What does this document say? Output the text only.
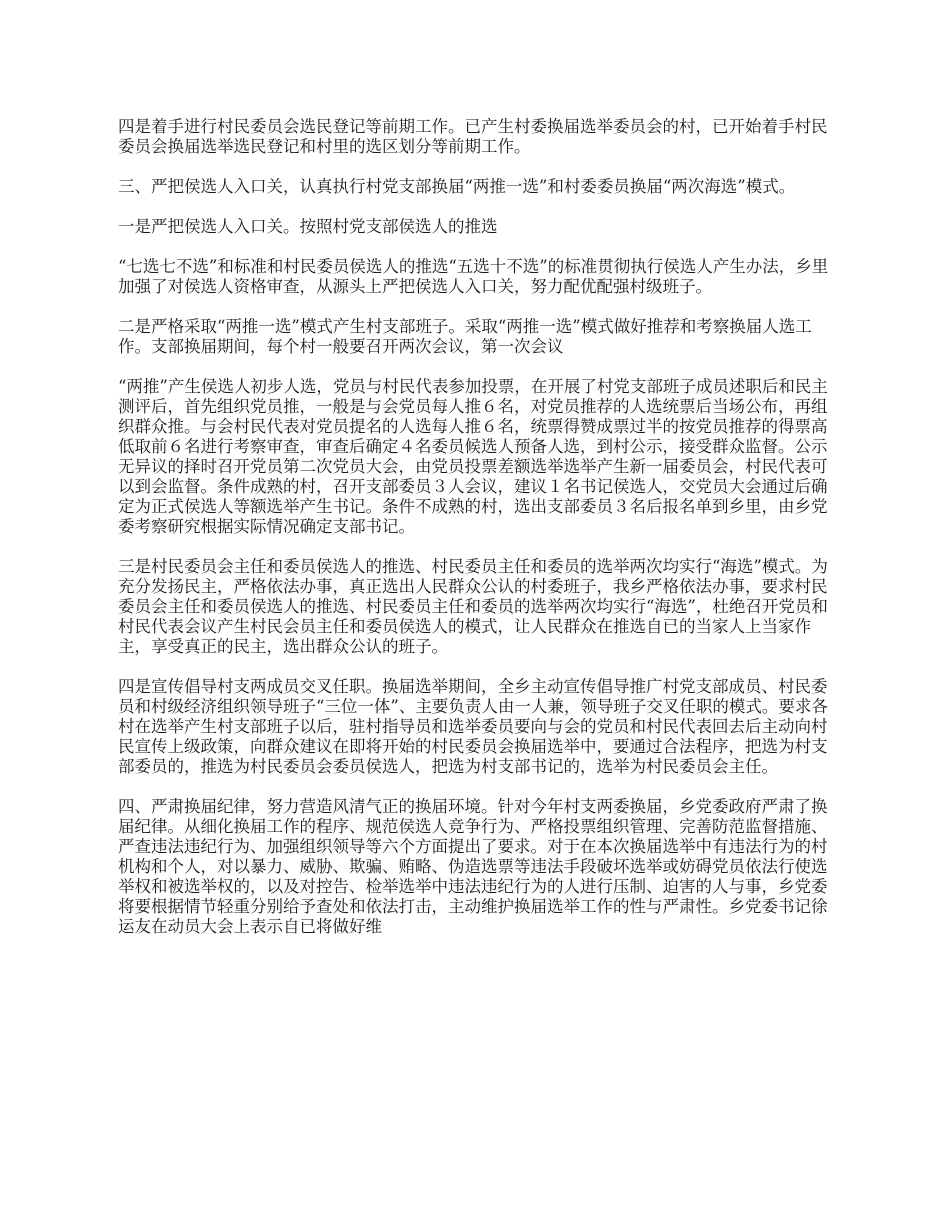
四是着手进行村民委员会选民登记等前期工作。已产生村委换届选举委员会的村，已开始着手村民委员会换届选举选民登记和村里的选区划分等前期工作。

三、严把侯选人入口关，认真执行村党支部换届“两推一选”和村委委员换届“两次海选”模式。

一是严把侯选人入口关。按照村党支部侯选人的推选

“七选七不选”和标准和村民委员侯选人的推选“五选十不选”的标准贯彻执行侯选人产生办法，乡里加强了对侯选人资格审查，从源头上严把侯选人入口关，努力配优配强村级班子。

二是严格采取“两推一选”模式产生村支部班子。采取“两推一选”模式做好推荐和考察换届人选工作。支部换届期间，每个村一般要召开两次会议，第一次会议

“两推”产生侯选人初步人选，党员与村民代表参加投票，在开展了村党支部班子成员述职后和民主测评后，首先组织党员推，一般是与会党员每人推６名，对党员推荐的人选统票后当场公布，再组织群众推。与会村民代表对党员提名的人选每人推６名，统票得赞成票过半的按党员推荐的得票高低取前６名进行考察审查，审查后确定４名委员候选人预备人选，到村公示，接受群众监督。公示无异议的择时召开党员第二次党员大会，由党员投票差额选举选举产生新一届委员会，村民代表可以到会监督。条件成熟的村，召开支部委员３人会议，建议１名书记侯选人，交党员大会通过后确定为正式侯选人等额选举产生书记。条件不成熟的村，选出支部委员３名后报名单到乡里，由乡党委考察研究根据实际情况确定支部书记。

三是村民委员会主任和委员侯选人的推选、村民委员主任和委员的选举两次均实行“海选”模式。为充分发扬民主，严格依法办事，真正选出人民群众公认的村委班子，我乡严格依法办事，要求村民委员会主任和委员侯选人的推选、村民委员主任和委员的选举两次均实行“海选”，杜绝召开党员和村民代表会议产生村民会员主任和委员侯选人的模式，让人民群众在推选自已的当家人上当家作主，享受真正的民主，选出群众公认的班子。

四是宣传倡导村支两成员交叉任职。换届选举期间，全乡主动宣传倡导推广村党支部成员、村民委员和村级经济组织领导班子“三位一体”、主要负责人由一人兼，领导班子交叉任职的模式。要求各村在选举产生村支部班子以后，驻村指导员和选举委员要向与会的党员和村民代表回去后主动向村民宣传上级政策，向群众建议在即将开始的村民委员会换届选举中，要通过合法程序，把选为村支部委员的，推选为村民委员会委员侯选人，把选为村支部书记的，选举为村民委员会主任。

四、严肃换届纪律，努力营造风清气正的换届环境。针对今年村支两委换届，乡党委政府严肃了换届纪律。从细化换届工作的程序、规范侯选人竞争行为、严格投票组织管理、完善防范监督措施、严查违法违纪行为、加强组织领导等六个方面提出了要求。对于在本次换届选举中有违法行为的村机构和个人，对以暴力、威胁、欺骗、贿略、伪造选票等违法手段破坏选举或妨碍党员依法行使选举权和被选举权的，以及对控告、检举选举中违法违纪行为的人进行压制、迫害的人与事，乡党委将要根据情节轻重分别给予查处和依法打击，主动维护换届选举工作的性与严肃性。乡党委书记徐运友在动员大会上表示自已将做好维
